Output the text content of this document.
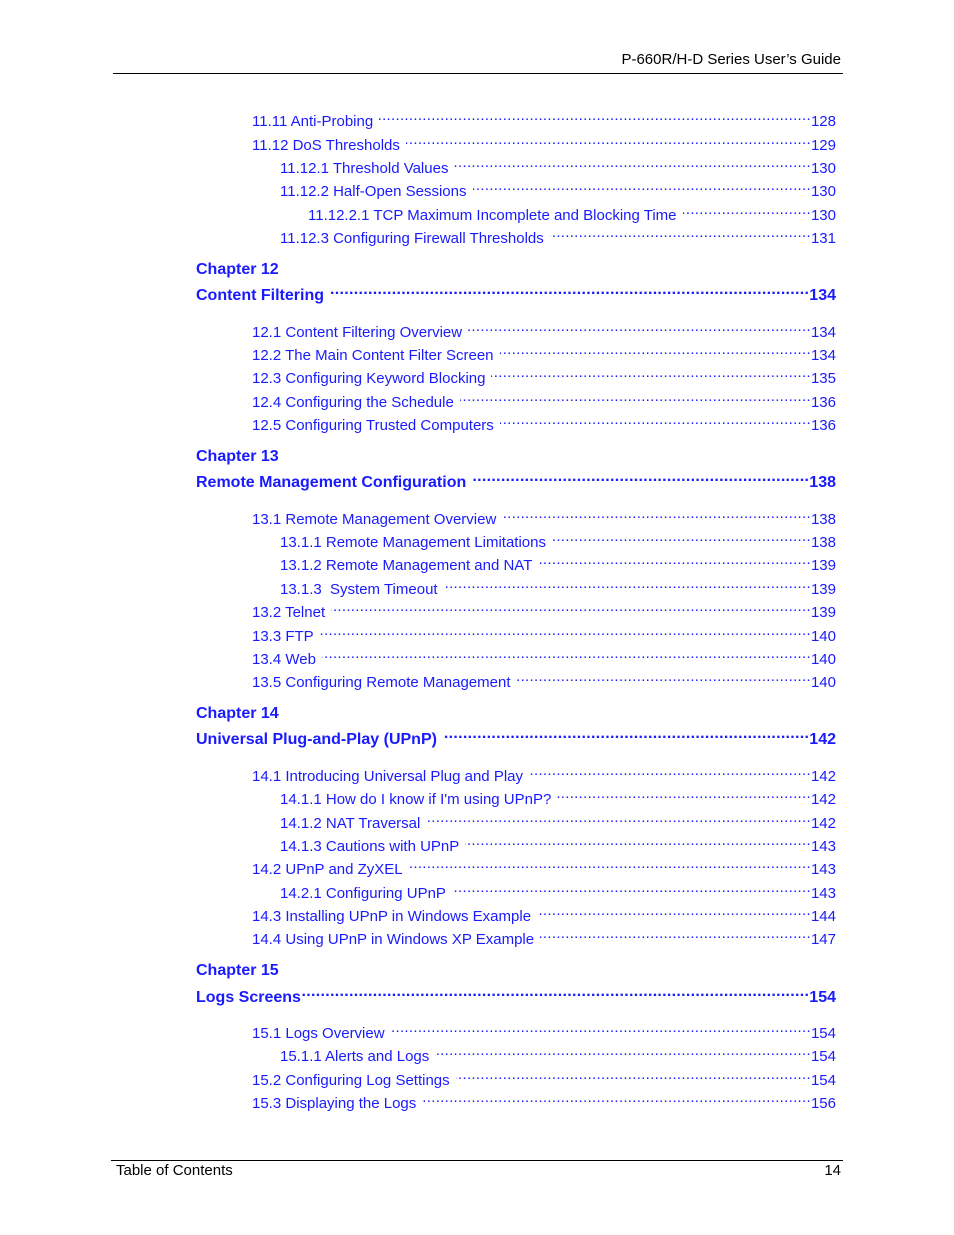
P-660R/H-D Series User’s Guide
11.11 Anti-Probing .....	128
11.12 DoS Thresholds .....	129
11.12.1 Threshold Values .....	130
11.12.2 Half-Open Sessions .....	130
11.12.2.1 TCP Maximum Incomplete and Blocking Time .....	130
11.12.3 Configuring Firewall Thresholds .....	131
Chapter 12
Content Filtering .....	134
12.1 Content Filtering Overview .....	134
12.2 The Main Content Filter Screen .....	134
12.3 Configuring Keyword Blocking .....	135
12.4 Configuring the Schedule .....	136
12.5 Configuring Trusted Computers .....	136
Chapter 13
Remote Management Configuration .....	138
13.1 Remote Management Overview .....	138
13.1.1 Remote Management Limitations .....	138
13.1.2 Remote Management and NAT .....	139
13.1.3  System Timeout .....	139
13.2 Telnet .....	139
13.3 FTP .....	140
13.4 Web .....	140
13.5 Configuring Remote Management .....	140
Chapter 14
Universal Plug-and-Play (UPnP) .....	142
14.1 Introducing Universal Plug and Play .....	142
14.1.1 How do I know if I'm using UPnP? .....	142
14.1.2 NAT Traversal .....	142
14.1.3 Cautions with UPnP .....	143
14.2 UPnP and ZyXEL .....	143
14.2.1 Configuring UPnP .....	143
14.3 Installing UPnP in Windows Example .....	144
14.4 Using UPnP in Windows XP Example .....	147
Chapter 15
Logs Screens .....	154
15.1 Logs Overview .....	154
15.1.1 Alerts and Logs .....	154
15.2 Configuring Log Settings .....	154
15.3 Displaying the Logs .....	156
Table of Contents	14
